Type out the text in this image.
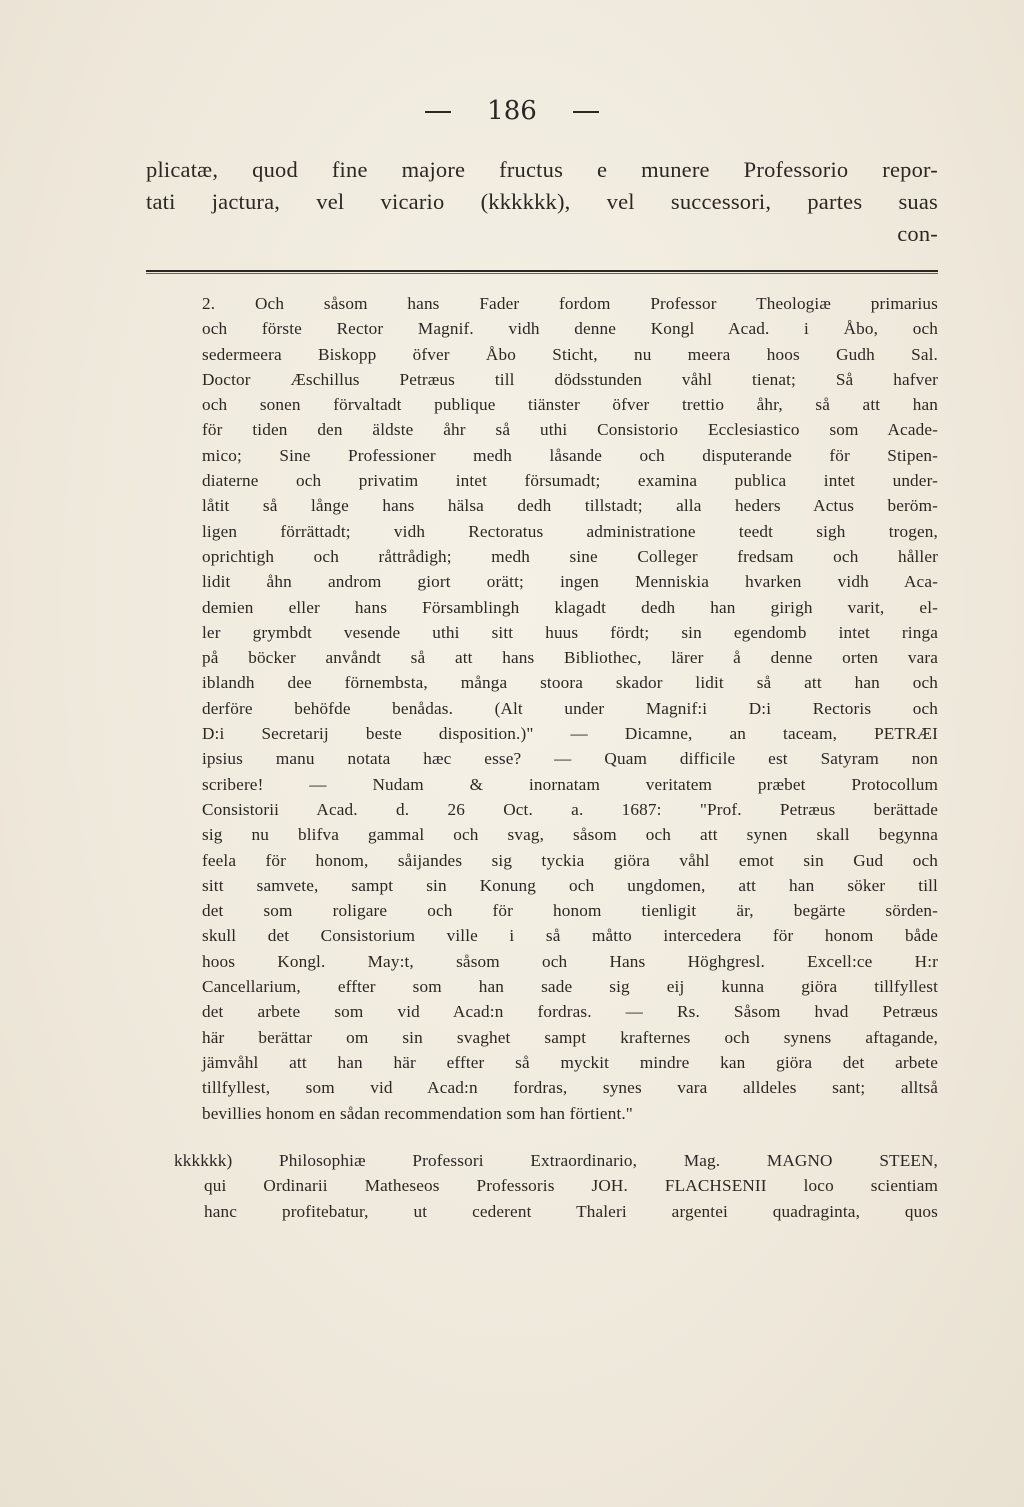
186
plicatæ, quod fine majore fructus e munere Professorio repor-
tati jactura, vel vicario (kkkkkk), vel successori, partes suas
con-
2. Och såsom hans Fader fordom Professor Theologiæ primarius
och förste Rector Magnif. vidh denne Kongl Acad. i Åbo, och
sedermeera Biskopp öfver Åbo Sticht, nu meera hoos Gudh Sal.
Doctor Æschillus Petræus till dödsstunden våhl tienat; Så hafver
och sonen förvaltadt publique tiänster öfver trettio åhr, så att han
för tiden den äldste åhr så uthi Consistorio Ecclesiastico som Acade-
mico; Sine Professioner medh låsande och disputerande för Stipen-
diaterne och privatim intet försumadt; examina publica intet under-
låtit så långe hans hälsa dedh tillstadt; alla heders Actus beröm-
ligen förrättadt; vidh Rectoratus administratione teedt sigh trogen,
oprichtigh och råttrådigh; medh sine Colleger fredsam och håller
lidit åhn androm giort orätt; ingen Menniskia hvarken vidh Aca-
demien eller hans Församblingh klagadt dedh han girigh varit, el-
ler grymbdt vesende uthi sitt huus fördt; sin egendomb intet ringa
på böcker anvåndt så att hans Bibliothec, lärer å denne orten vara
iblandh dee förnembsta, många stoora skador lidit så att han och
derföre behöfde benådas. (Alt under Magnif:i D:i Rectoris och
D:i Secretarij beste disposition.)" — Dicamne, an taceam, PETRÆI
ipsius manu notata hæc esse? — Quam difficile est Satyram non
scribere! — Nudam & inornatam veritatem præbet Protocollum
Consistorii Acad. d. 26 Oct. a. 1687: "Prof. Petræus berättade
sig nu blifva gammal och svag, såsom och att synen skall begynna
feela för honom, såijandes sig tyckia giöra våhl emot sin Gud och
sitt samvete, sampt sin Konung och ungdomen, att han söker till
det som roligare och för honom tienligit är, begärte sörden-
skull det Consistorium ville i så måtto intercedera för honom både
hoos Kongl. May:t, såsom och Hans Höghgresl. Excell:ce H:r
Cancellarium, effter som han sade sig eij kunna giöra tillfyllest
det arbete som vid Acad:n fordras. — Rs. Såsom hvad Petræus
här berättar om sin svaghet sampt krafternes och synens aftagande,
jämvåhl att han här effter så myckit mindre kan giöra det arbete
tillfyllest, som vid Acad:n fordras, synes vara alldeles sant; alltså
bevillies honom en sådan recommendation som han förtient."
kkkkkk) Philosophiæ Professori Extraordinario, Mag. MAGNO STEEN,
qui Ordinarii Matheseos Professoris JOH. FLACHSENII loco scientiam
hanc profitebatur, ut cederent Thaleri argentei quadraginta, quos
